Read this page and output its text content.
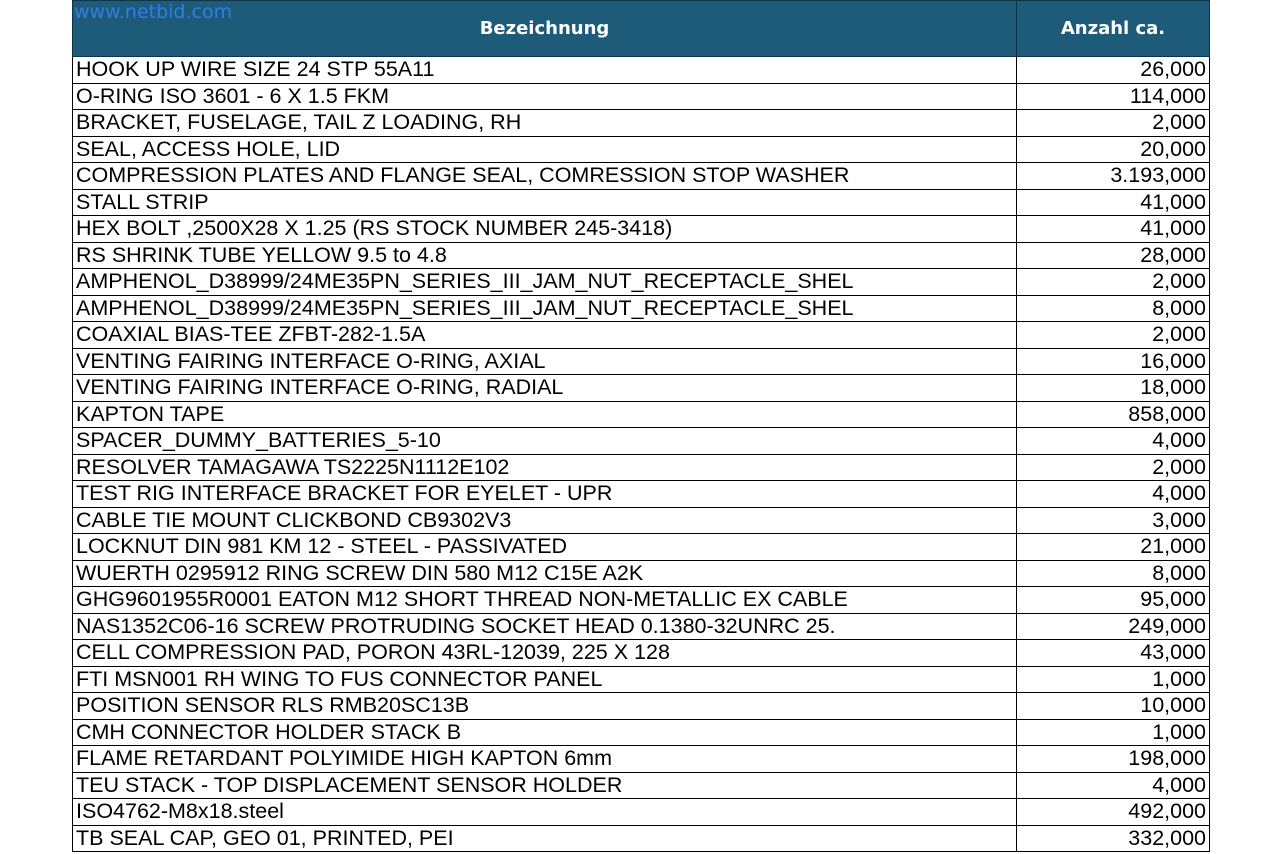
www.netbid.com
Bezeichnung	Anzahl ca.
HOOK UP WIRE SIZE 24 STP 55A11	26,000
O-RING ISO 3601 - 6 X 1.5 FKM	114,000
BRACKET, FUSELAGE, TAIL Z LOADING, RH	2,000
SEAL, ACCESS HOLE, LID	20,000
COMPRESSION PLATES AND FLANGE SEAL, COMRESSION STOP WASHER	3.193,000
STALL STRIP	41,000
HEX BOLT ,2500X28 X 1.25 (RS STOCK NUMBER 245-3418)	41,000
RS SHRINK TUBE YELLOW 9.5 to 4.8	28,000
AMPHENOL_D38999/24ME35PN_SERIES_III_JAM_NUT_RECEPTACLE_SHEL	2,000
AMPHENOL_D38999/24ME35PN_SERIES_III_JAM_NUT_RECEPTACLE_SHEL	8,000
COAXIAL BIAS-TEE ZFBT-282-1.5A	2,000
VENTING FAIRING INTERFACE O-RING, AXIAL	16,000
VENTING FAIRING INTERFACE O-RING, RADIAL	18,000
KAPTON TAPE	858,000
SPACER_DUMMY_BATTERIES_5-10	4,000
RESOLVER TAMAGAWA TS2225N1112E102	2,000
TEST RIG INTERFACE BRACKET FOR EYELET - UPR	4,000
CABLE TIE MOUNT CLICKBOND CB9302V3	3,000
LOCKNUT DIN 981 KM 12 - STEEL - PASSIVATED	21,000
WUERTH 0295912 RING SCREW DIN 580 M12 C15E A2K	8,000
GHG9601955R0001 EATON M12 SHORT THREAD NON-METALLIC EX CABLE	95,000
NAS1352C06-16 SCREW PROTRUDING SOCKET HEAD 0.1380-32UNRC 25.	249,000
CELL COMPRESSION PAD, PORON 43RL-12039, 225 X 128	43,000
FTI MSN001 RH WING TO FUS CONNECTOR PANEL	1,000
POSITION SENSOR RLS RMB20SC13B	10,000
CMH CONNECTOR HOLDER STACK B	1,000
FLAME RETARDANT POLYIMIDE HIGH KAPTON 6mm	198,000
TEU STACK - TOP DISPLACEMENT SENSOR HOLDER	4,000
ISO4762-M8x18.steel	492,000
TB SEAL CAP, GEO 01, PRINTED, PEI	332,000
